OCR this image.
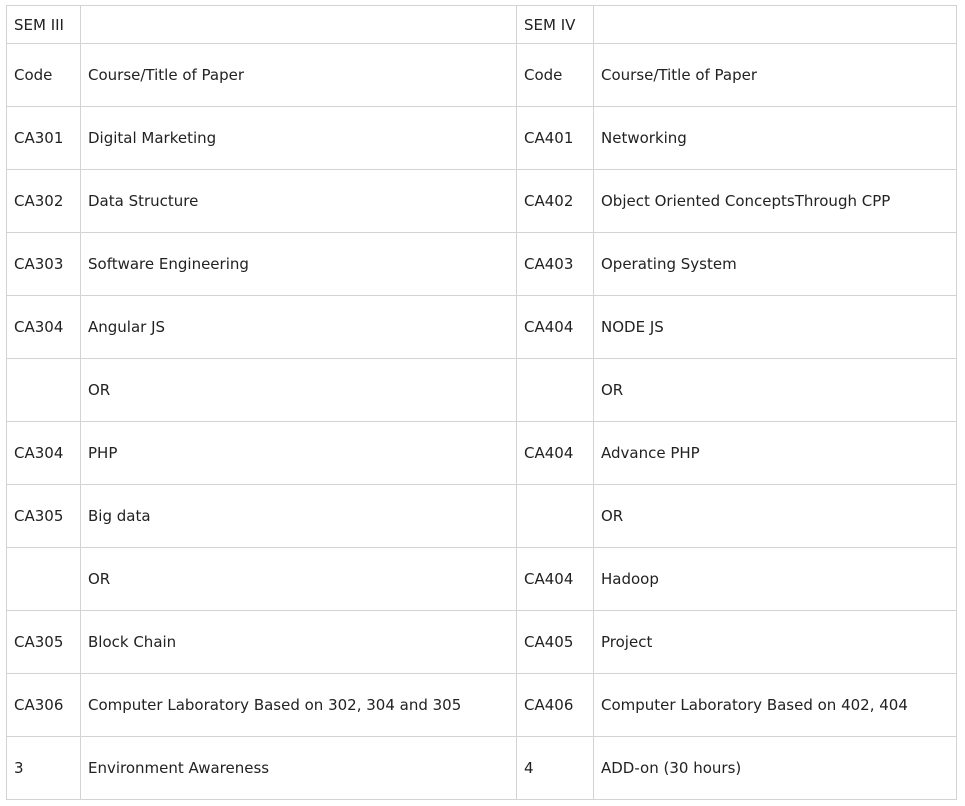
SEM III		SEM IV	
Code	Course/Title of Paper	Code	Course/Title of Paper
CA301	Digital Marketing	CA401	Networking
CA302	Data Structure	CA402	Object Oriented ConceptsThrough CPP
CA303	Software Engineering	CA403	Operating System
CA304	Angular JS	CA404	NODE JS
	OR		OR
CA304	PHP	CA404	Advance PHP
CA305	Big data		OR
	OR	CA404	Hadoop
CA305	Block Chain	CA405	Project
CA306	Computer Laboratory Based on 302, 304 and 305	CA406	Computer Laboratory Based on 402, 404
3	Environment Awareness	4	ADD-on (30 hours)
